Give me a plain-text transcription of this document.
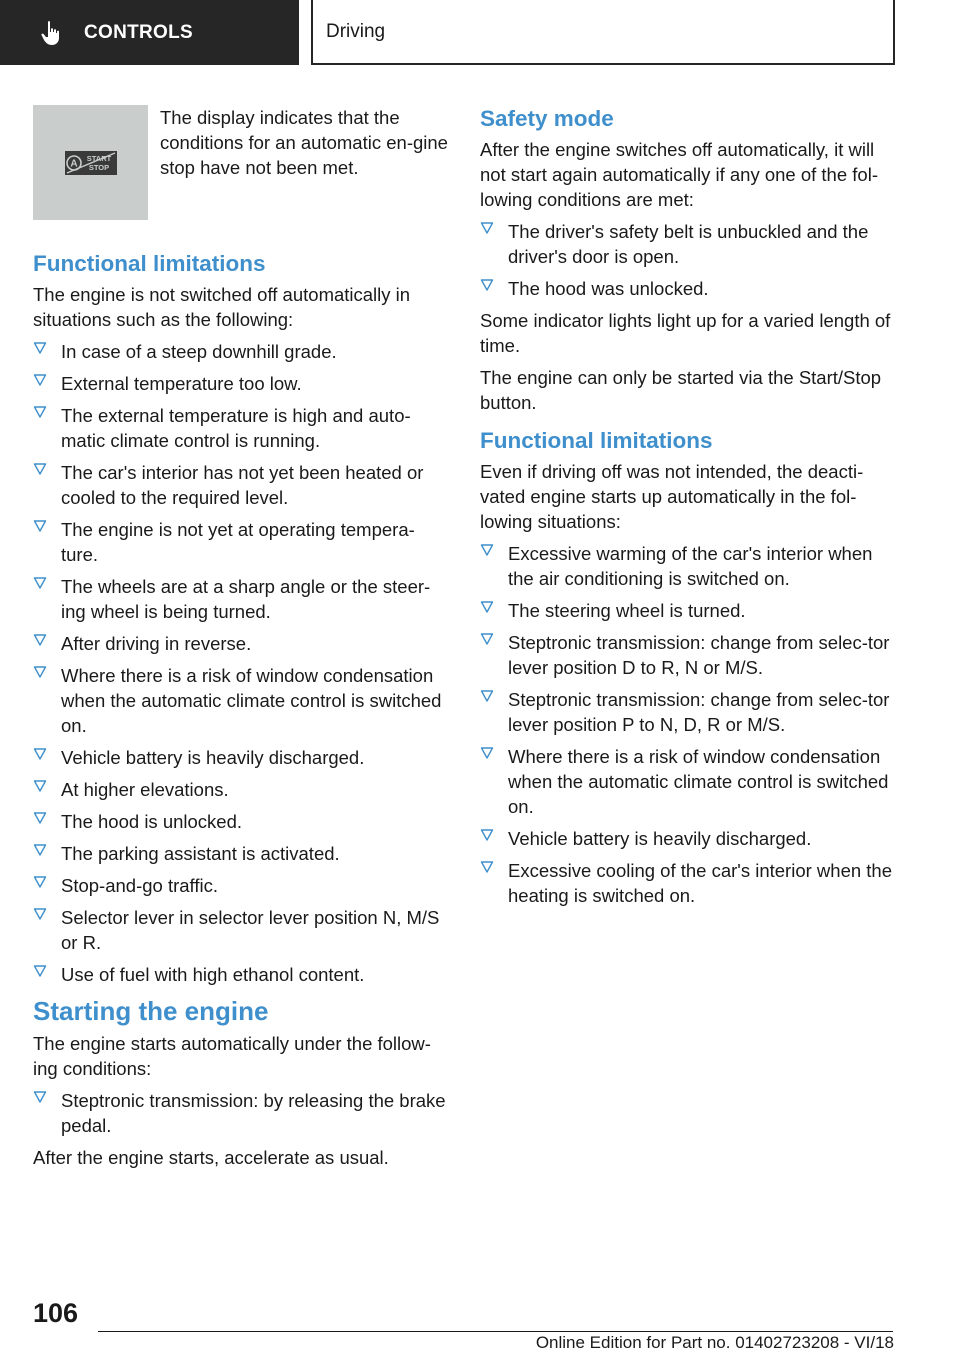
CONTROLS	Driving
A START
STOP
The display indicates that the conditions for an automatic en-gine stop have not been met.
Functional limitations

The engine is not switched off automatically in situations such as the following:

In case of a steep downhill grade.
External temperature too low.
The external temperature is high and auto-matic climate control is running.
The car's interior has not yet been heated or cooled to the required level.
The engine is not yet at operating tempera-ture.
The wheels are at a sharp angle or the steer-ing wheel is being turned.
After driving in reverse.
Where there is a risk of window condensation when the automatic climate control is switched on.
Vehicle battery is heavily discharged.
At higher elevations.
The hood is unlocked.
The parking assistant is activated.
Stop-and-go traffic.
Selector lever in selector lever position N, M/S or R.
Use of fuel with high ethanol content.
Starting the engine

The engine starts automatically under the follow-ing conditions:

Steptronic transmission: by releasing the brake pedal.

After the engine starts, accelerate as usual.

Safety mode

After the engine switches off automatically, it will not start again automatically if any one of the fol-lowing conditions are met:

The driver's safety belt is unbuckled and the driver's door is open.
The hood was unlocked.

Some indicator lights light up for a varied length of time.

The engine can only be started via the Start/Stop button.

Functional limitations

Even if driving off was not intended, the deacti-vated engine starts up automatically in the fol-lowing situations:

Excessive warming of the car's interior when the air conditioning is switched on.
The steering wheel is turned.
Steptronic transmission: change from selec-tor lever position D to R, N or M/S.
Steptronic transmission: change from selec-tor lever position P to N, D, R or M/S.
Where there is a risk of window condensation when the automatic climate control is switched on.
Vehicle battery is heavily discharged.
Excessive cooling of the car's interior when the heating is switched on.
106
Online Edition for Part no. 01402723208 - VI/18
